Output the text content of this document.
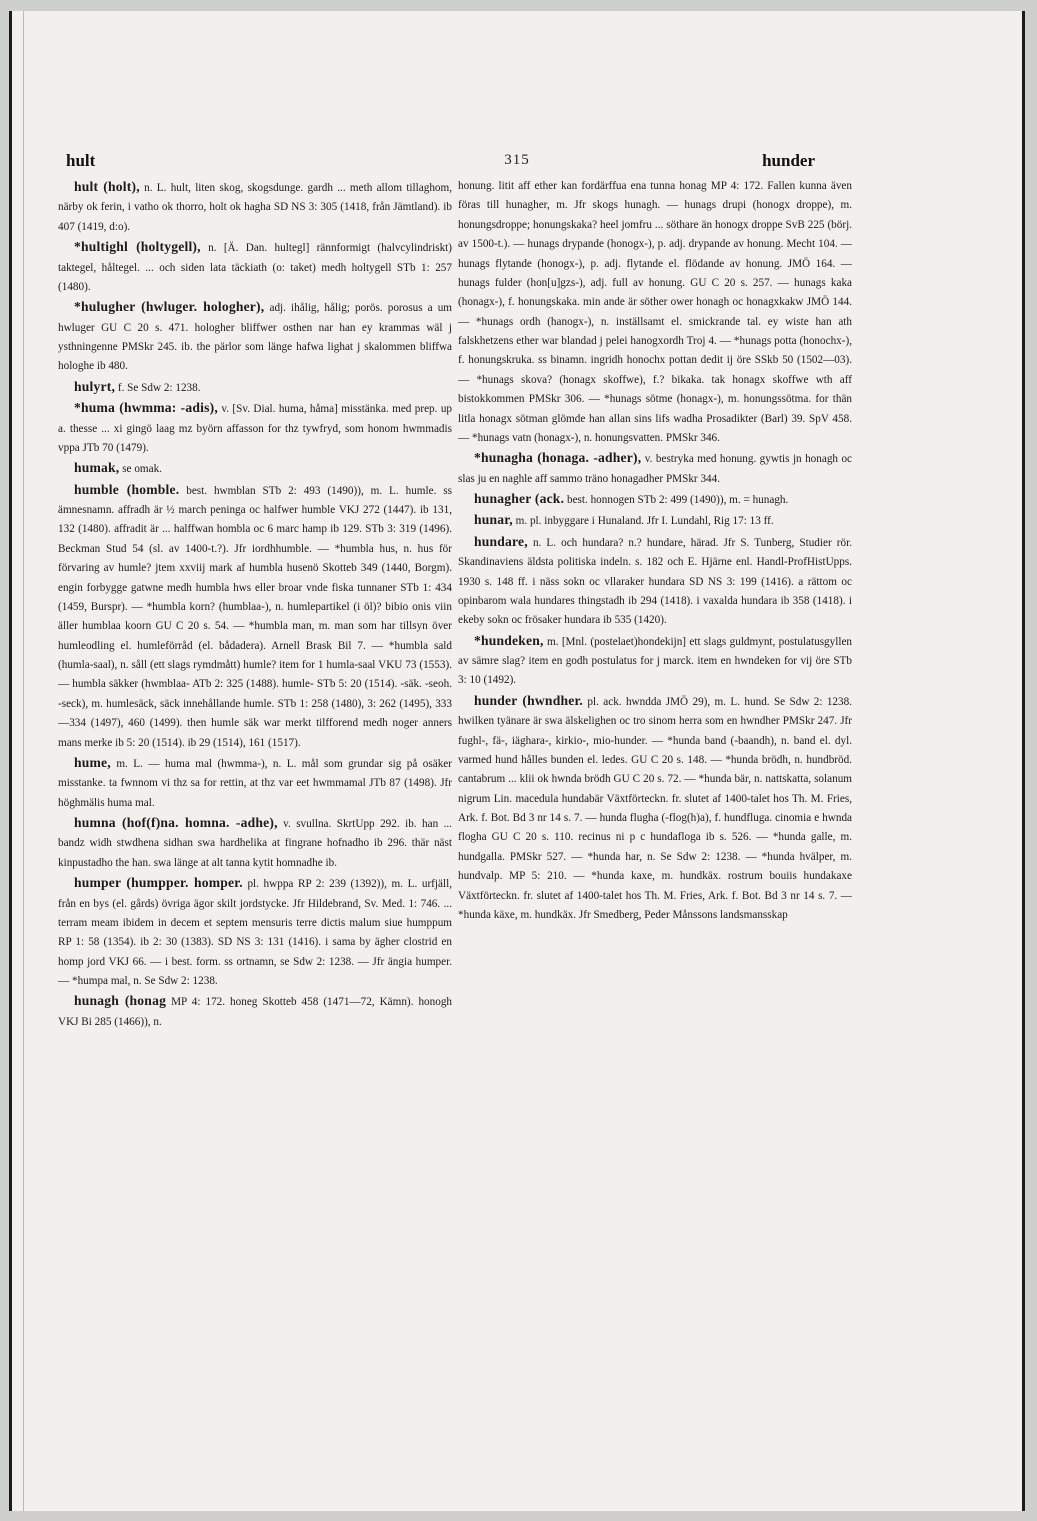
hult	315	hunder

hult (holt), n. L. hult, liten skog, skogsdunge. gardh ... meth allom tillaghom, närby ok ferin, i vatho ok thorro, holt ok hagha SD NS 3: 305 (1418, från Jämtland). ib 407 (1419, d:o).

*hultighl (holtygell), n. [Ä. Dan. hultegl] rännformigt (halvcylindriskt) taktegel, håltegel. ... och siden lata täckiath (o: taket) medh holtygell STb 1: 257 (1480).

*hulugher (hwluger. hologher), adj. ihålig, hålig; porös. porosus a um hwluger GU C 20 s. 471. hologher bliffwer osthen nar han ey krammas wäl j ysthningenne PMSkr 245. ib. the pärlor som länge hafwa lighat j skalommen bliffwa hologhe ib 480.

hulyrt, f. Se Sdw 2: 1238.

*huma (hwmma: -adis), v. [Sv. Dial. huma, håma] misstänka. med prep. up a. thesse ... xi gingö laag mz byörn affasson for thz tywfryd, som honom hwmmadis vppa JTb 70 (1479).

humak, se omak.

humble (homble. best. hwmblan STb 2: 493 (1490)), m. L. humle. ss ämnesnamn. affradh är ½ march peninga oc halfwer humble VKJ 272 (1447). ib 131, 132 (1480). affradit är ... halffwan hombla oc 6 marc hamp ib 129. STb 3: 319 (1496). Beckman Stud 54 (sl. av 1400-t.?). Jfr iordhhumble. — *humbla hus, n. hus för förvaring av humle? jtem xxviij mark af humbla husenö Skotteb 349 (1440, Borgm). engin forbygge gatwne medh humbla hws eller broar vnde fiska tunnaner STb 1: 434 (1459, Burspr). — *humbla korn? (humblaa-), n. humlepartikel (i öl)? bibio onis viin äller humblaa koorn GU C 20 s. 54. — *humbla man, m. man som har tillsyn över humleodling el. humleförråd (el. bådadera). Arnell Brask Bil 7. — *humbla sald (humla-saal), n. såll (ett slags rymdmått) humle? item for 1 humla-saal VKU 73 (1553). — humbla säkker (hwmblaa- ATb 2: 325 (1488). humle- STb 5: 20 (1514). -säk. -seoh. -seck), m. humlesäck, säck innehållande humle. STb 1: 258 (1480), 3: 262 (1495), 333—334 (1497), 460 (1499). then humle säk war merkt tilfforend medh noger anners mans merke ib 5: 20 (1514). ib 29 (1514), 161 (1517).

hume, m. L. — huma mal (hwmma-), n. L. mål som grundar sig på osäker misstanke. ta fwnnom vi thz sa for rettin, at thz var eet hwmmamal JTb 87 (1498). Jfr höghmälis huma mal.

humna (hof(f)na. homna. -adhe), v. svullna. SkrtUpp 292. ib. han ... bandz widh stwdhena sidhan swa hardhelika at fingrane hofnadho ib 296. thär näst kinpustadho the han. swa länge at alt tanna kytit homnadhe ib.

humper (humpper. homper. pl. hwppa RP 2: 239 (1392)), m. L. urfjäll, från en bys (el. gårds) övriga ägor skilt jordstycke. Jfr Hildebrand, Sv. Med. 1: 746. ... terram meam ibidem in decem et septem mensuris terre dictis malum siue humppum RP 1: 58 (1354). ib 2: 30 (1383). SD NS 3: 131 (1416). i sama by ägher clostrid en homp jord VKJ 66. — i best. form. ss ortnamn, se Sdw 2: 1238. — Jfr ängia humper. — *humpa mal, n. Se Sdw 2: 1238.

hunagh (honag MP 4: 172. honeg Skotteb 458 (1471—72, Kämn). honogh VKJ Bi 285 (1466)), n.

honung. litit aff ether kan fordärffua ena tunna honag MP 4: 172. Fallen kunna även föras till hunagher, m. Jfr skogs hunagh. — hunags drupi (honogx droppe), m. honungsdroppe; honungskaka? heel jomfru ... söthare än honogx droppe SvB 225 (börj. av 1500-t.). — hunags drypande (honogx-), p. adj. drypande av honung. Mecht 104. — hunags flytande (honogx-), p. adj. flytande el. flödande av honung. JMÖ 164. — hunags fulder (hon[u]gzs-), adj. full av honung. GU C 20 s. 257. — hunags kaka (honagx-), f. honungskaka. min ande är söther ower honagh oc honagxkakw JMÖ 144. — *hunags ordh (hanogx-), n. inställsamt el. smickrande tal. ey wiste han ath falskhetzens ether war blandad j pelei hanogxordh Troj 4. — *hunags potta (honochx-), f. honungskruka. ss binamn. ingridh honochx pottan dedit ij öre SSkb 50 (1502—03). — *hunags skova? (honagx skoffwe), f.? bikaka. tak honagx skoffwe wth aff bistokkommen PMSkr 306. — *hunags sötme (honagx-), m. honungssötma. for thän litla honagx sötman glömde han allan sins lifs wadha Prosadikter (Barl) 39. SpV 458. — *hunags vatn (honagx-), n. honungsvatten. PMSkr 346.

*hunagha (honaga. -adher), v. bestryka med honung. gywtis jn honagh oc slas ju en naghle aff sammo träno honagadher PMSkr 344.

hunagher (ack. best. honnogen STb 2: 499 (1490)), m. = hunagh.

hunar, m. pl. inbyggare i Hunaland. Jfr I. Lundahl, Rig 17: 13 ff.

hundare, n. L. och hundara? n.? hundare, härad. Jfr S. Tunberg, Studier rör. Skandinaviens äldsta politiska indeln. s. 182 och E. Hjärne enl. Handl-ProfHistUpps. 1930 s. 148 ff. i näss sokn oc vllaraker hundara SD NS 3: 199 (1416). a rättom oc opinbarom wala hundares thingstadh ib 294 (1418). i vaxalda hundara ib 358 (1418). i ekeby sokn oc frösaker hundara ib 535 (1420).

*hundeken, m. [Mnl. (postelaet)hondekijn] ett slags guldmynt, postulatusgyllen av sämre slag? item en godh postulatus for j marck. item en hwndeken for vij öre STb 3: 10 (1492).

hunder (hwndher. pl. ack. hwndda JMÖ 29), m. L. hund. Se Sdw 2: 1238. hwilken tyänare är swa älskelighen oc tro sinom herra som en hwndher PMSkr 247. Jfr fughl-, fä-, iäghara-, kirkio-, mio-hunder. — *hunda band (-baandh), n. band el. dyl. varmed hund hålles bunden el. ledes. GU C 20 s. 148. — *hunda brödh, n. hundbröd. cantabrum ... klii ok hwnda brödh GU C 20 s. 72. — *hunda bär, n. nattskatta, solanum nigrum Lin. macedula hundabär Växtförteckn. fr. slutet af 1400-talet hos Th. M. Fries, Ark. f. Bot. Bd 3 nr 14 s. 7. — hunda flugha (-flog(h)a), f. hundfluga. cinomia e hwnda flogha GU C 20 s. 110. recinus ni p c hundafloga ib s. 526. — *hunda galle, m. hundgalla. PMSkr 527. — *hunda har, n. Se Sdw 2: 1238. — *hunda hvälper, m. hundvalp. MP 5: 210. — *hunda kaxe, m. hundkäx. rostrum bouiis hundakaxe Växtförteckn. fr. slutet af 1400-talet hos Th. M. Fries, Ark. f. Bot. Bd 3 nr 14 s. 7. — *hunda käxe, m. hundkäx. Jfr Smedberg, Peder Månssons landsmansskap
